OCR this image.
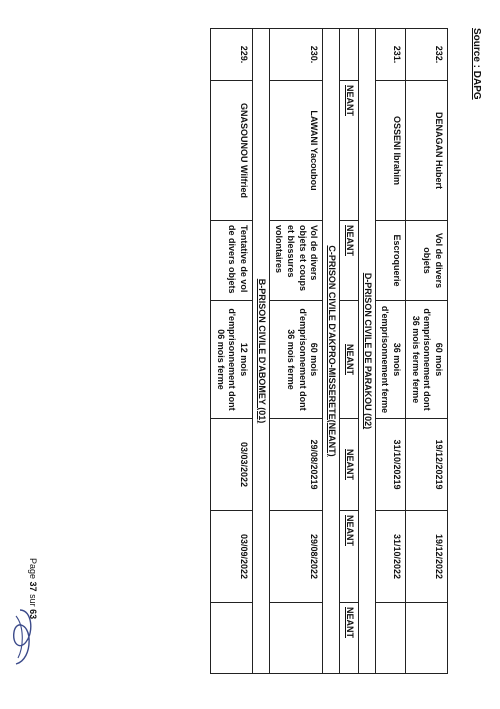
Source : DAPG
232.	DENAGAN Hubert	Vol de divers objets	60 mois d'emprisonnement dont 36 mois ferme ferme	19/12/20219	19/12/2022	
231.	OSSENI Ibrahim	Escroquerie	36 mois d'emprisonnement ferme	31/10/20219	31/10/2022	
D-PRISON CIVILE DE PARAKOU (02)						
	NEANT	NEANT	NEANT	NEANT	NEANT	NEANT
C-PRISON CIVILE D'AKPRO-MISSERETE(NEANT)						
230.	LAWANI Yacoubou	Vol de divers objets et coups et blessures volontaires	60 mois d'emprisonnement dont 36 mois ferme	29/08/20219	29/08/2022	
B-PRISON CIVILE D'ABOMEY (01)						
229.	GNASOUNOU Wilfried	Tentative de vol de divers objets	12 mois d'emprisonnement dont 06 mois ferme	03/03/2022	03/09/2022	
Page 37 sur 63
